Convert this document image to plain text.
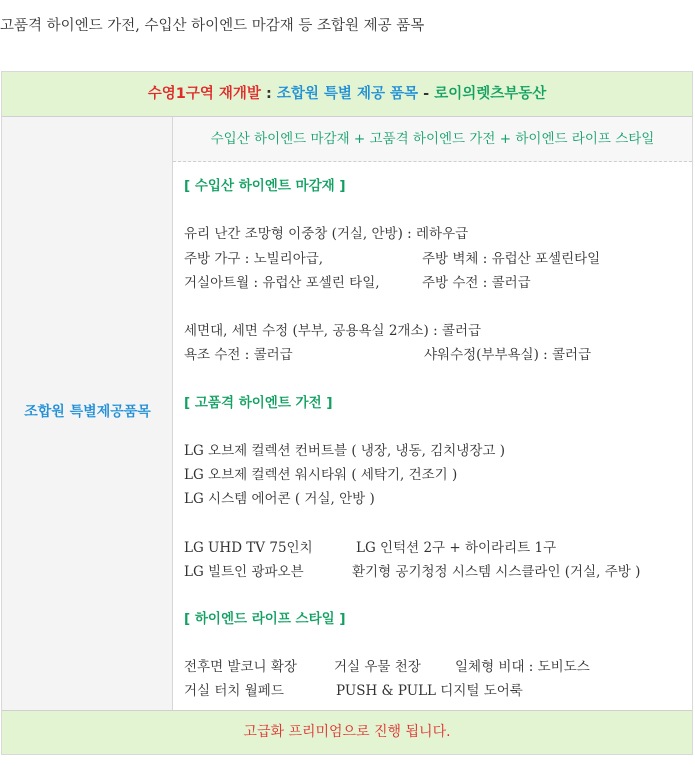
고품격 하이엔드 가전, 수입산 하이엔드 마감재 등 조합원 제공 품목
수영1구역 재개발 : 조합원 특별 제공 품목 - 로이의렛츠부동산
조합원 특별제공품목
수입산 하이엔드 마감재 + 고품격 하이엔드 가전 + 하이엔드 라이프 스타일
[ 수입산 하이엔트 마감재 ]
유리 난간 조망형 이중창 (거실, 안방) : 레하우급
주방 가구 : 노빌리아급,	주방 벽체 : 유럽산 포셀린타일
거실아트월 : 유럽산 포셀린 타일,	주방 수전 : 콜러급
세면대, 세면 수정 (부부, 공용욕실 2개소) : 콜러급
욕조 수전 : 콜러급	샤워수정(부부욕실) : 콜러급
[ 고품격 하이엔트 가전 ]
LG 오브제 컬렉션 컨버트블 ( 냉장, 냉동, 김치냉장고 )
LG 오브제 컬렉션 워시타워 ( 세탁기, 건조기 )
LG 시스템 에어콘 ( 거실, 안방 )
LG UHD TV 75인치	LG 인턱션 2구 + 하이라리트 1구
LG 빌트인 광파오븐	환기형 공기청정 시스템 시스클라인 (거실, 주방 )
[ 하이엔드 라이프 스타일 ]
전후면 발코니 확장	거실 우물 천장	일체형 비대 : 도비도스
거실 터치 월페드	PUSH & PULL 디지털 도어룩
고급화 프리미엄으로 진행 됩니다.
